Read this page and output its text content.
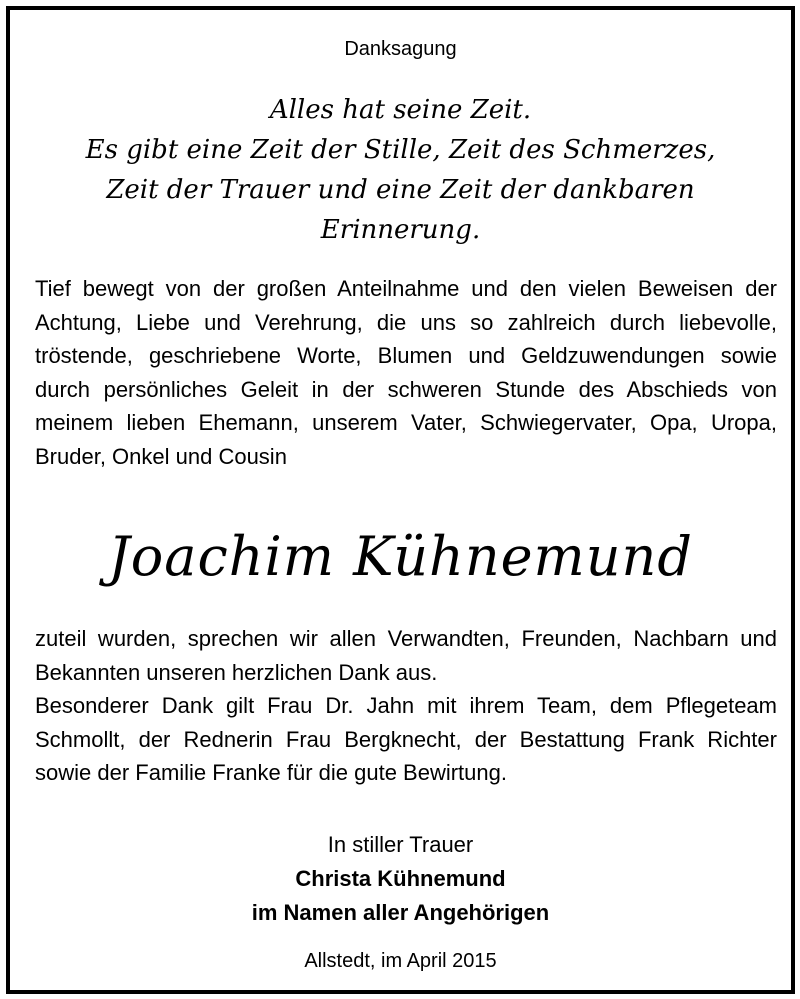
Danksagung
Alles hat seine Zeit.
Es gibt eine Zeit der Stille, Zeit des Schmerzes,
Zeit der Trauer und eine Zeit der dankbaren
Erinnerung.
Tief bewegt von der großen Anteilnahme und den vielen Beweisen der Achtung, Liebe und Verehrung, die uns so zahlreich durch liebevolle, tröstende, geschriebene Worte, Blumen und Geldzuwendungen sowie durch persönliches Geleit in der schweren Stunde des Abschieds von meinem lieben Ehemann, unserem Vater, Schwiegervater, Opa, Uropa, Bruder, Onkel und Cousin
Joachim Kühnemund
zuteil wurden, sprechen wir allen Verwandten, Freunden, Nachbarn und Bekannten unseren herzlichen Dank aus.
Besonderer Dank gilt Frau Dr. Jahn mit ihrem Team, dem Pflegeteam Schmollt, der Rednerin Frau Bergknecht, der Bestattung Frank Richter sowie der Familie Franke für die gute Bewirtung.
In stiller Trauer
Christa Kühnemund
im Namen aller Angehörigen
Allstedt, im April 2015
